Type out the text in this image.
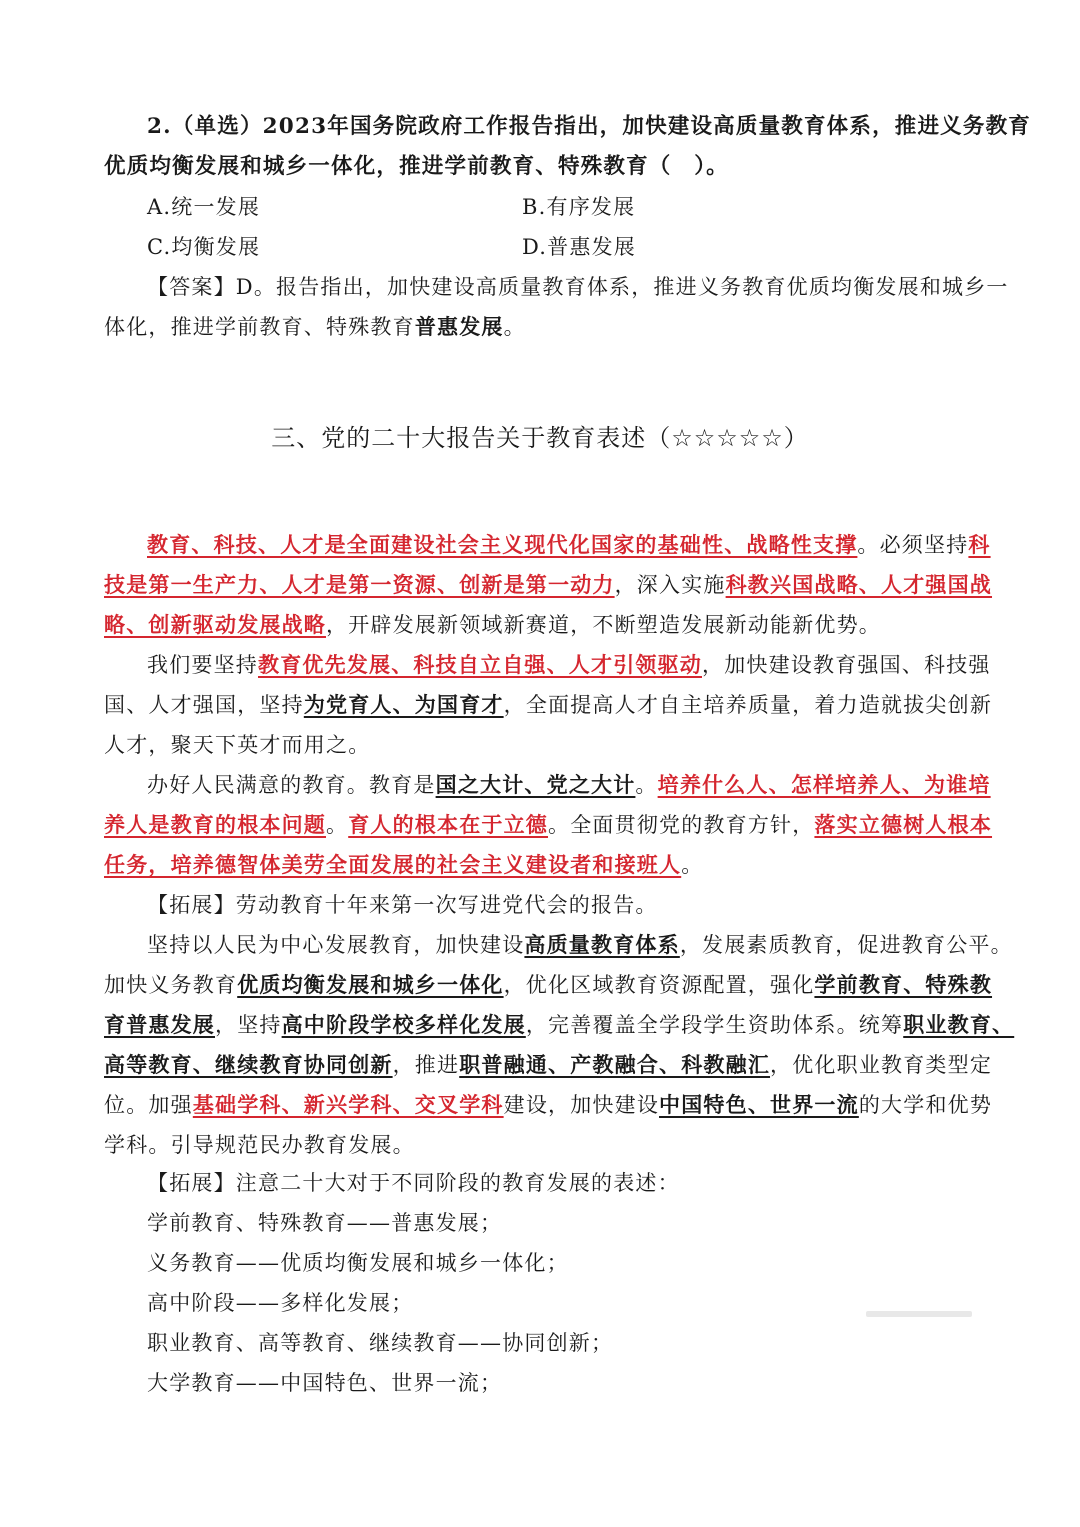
2.（单选）2023年国务院政府工作报告指出，加快建设高质量教育体系，推进义务教育
优质均衡发展和城乡一体化，推进学前教育、特殊教育（　）。
A.统一发展	B.有序发展
C.均衡发展	D.普惠发展
【答案】D。报告指出，加快建设高质量教育体系，推进义务教育优质均衡发展和城乡一
体化，推进学前教育、特殊教育普惠发展。
三、党的二十大报告关于教育表述（☆☆☆☆☆）
教育、科技、人才是全面建设社会主义现代化国家的基础性、战略性支撑。必须坚持科
技是第一生产力、人才是第一资源、创新是第一动力，深入实施科教兴国战略、人才强国战
略、创新驱动发展战略，开辟发展新领域新赛道，不断塑造发展新动能新优势。
我们要坚持教育优先发展、科技自立自强、人才引领驱动，加快建设教育强国、科技强
国、人才强国，坚持为党育人、为国育才，全面提高人才自主培养质量，着力造就拔尖创新
人才，聚天下英才而用之。
办好人民满意的教育。教育是国之大计、党之大计。培养什么人、怎样培养人、为谁培
养人是教育的根本问题。育人的根本在于立德。全面贯彻党的教育方针，落实立德树人根本
任务，培养德智体美劳全面发展的社会主义建设者和接班人。
【拓展】劳动教育十年来第一次写进党代会的报告。
坚持以人民为中心发展教育，加快建设高质量教育体系，发展素质教育，促进教育公平。
加快义务教育优质均衡发展和城乡一体化，优化区域教育资源配置，强化学前教育、特殊教
育普惠发展，坚持高中阶段学校多样化发展，完善覆盖全学段学生资助体系。统筹职业教育、
高等教育、继续教育协同创新，推进职普融通、产教融合、科教融汇，优化职业教育类型定
位。加强基础学科、新兴学科、交叉学科建设，加快建设中国特色、世界一流的大学和优势
学科。引导规范民办教育发展。
【拓展】注意二十大对于不同阶段的教育发展的表述：
学前教育、特殊教育——普惠发展；
义务教育——优质均衡发展和城乡一体化；
高中阶段——多样化发展；
职业教育、高等教育、继续教育——协同创新；
大学教育——中国特色、世界一流；
